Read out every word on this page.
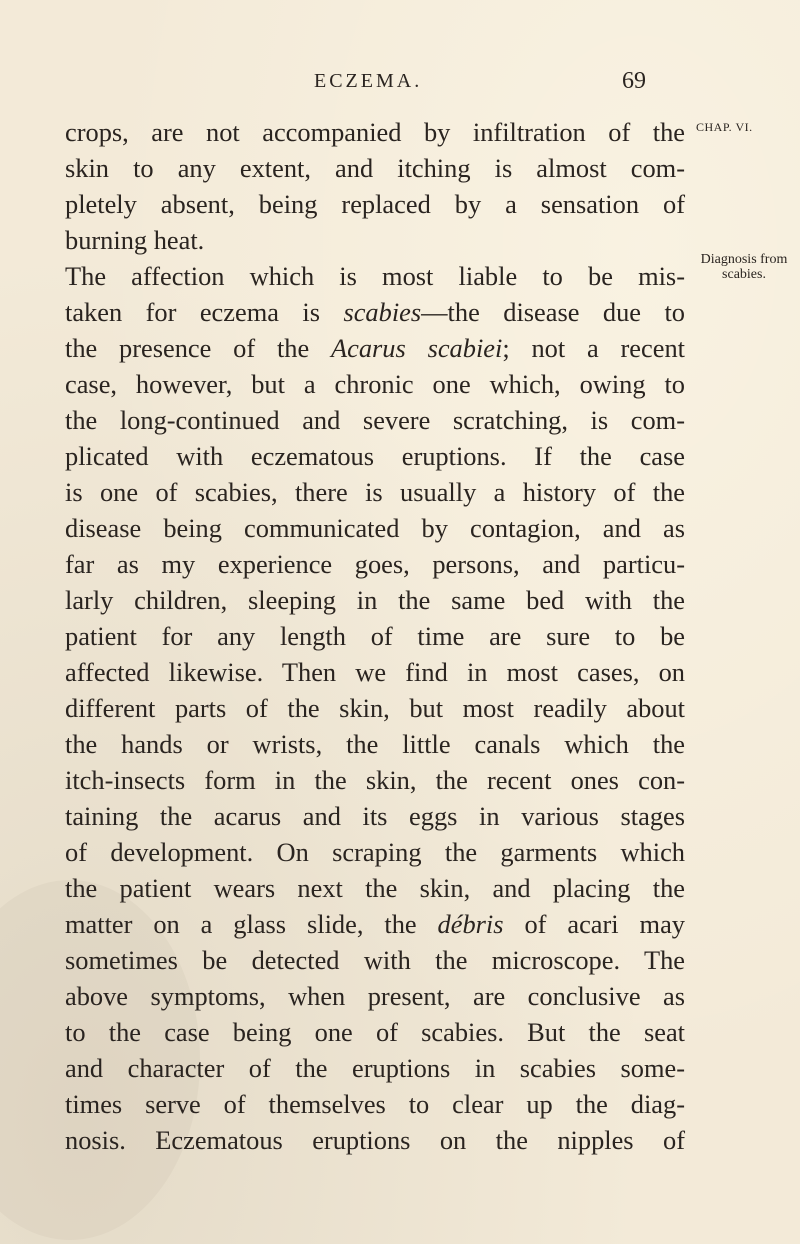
ECZEMA.	69
CHAP. VI.
Diagnosis from scabies.
crops, are not accompanied by infiltration of the
skin to any extent, and itching is almost com-
pletely absent, being replaced by a sensation of
burning heat.
The affection which is most liable to be mis-
taken for eczema is scabies—the disease due to
the presence of the Acarus scabiei; not a recent
case, however, but a chronic one which, owing to
the long-continued and severe scratching, is com-
plicated with eczematous eruptions. If the case
is one of scabies, there is usually a history of the
disease being communicated by contagion, and as
far as my experience goes, persons, and particu-
larly children, sleeping in the same bed with the
patient for any length of time are sure to be
affected likewise. Then we find in most cases, on
different parts of the skin, but most readily about
the hands or wrists, the little canals which the
itch-insects form in the skin, the recent ones con-
taining the acarus and its eggs in various stages
of development. On scraping the garments which
the patient wears next the skin, and placing the
matter on a glass slide, the débris of acari may
sometimes be detected with the microscope. The
above symptoms, when present, are conclusive as
to the case being one of scabies. But the seat
and character of the eruptions in scabies some-
times serve of themselves to clear up the diag-
nosis. Eczematous eruptions on the nipples of
